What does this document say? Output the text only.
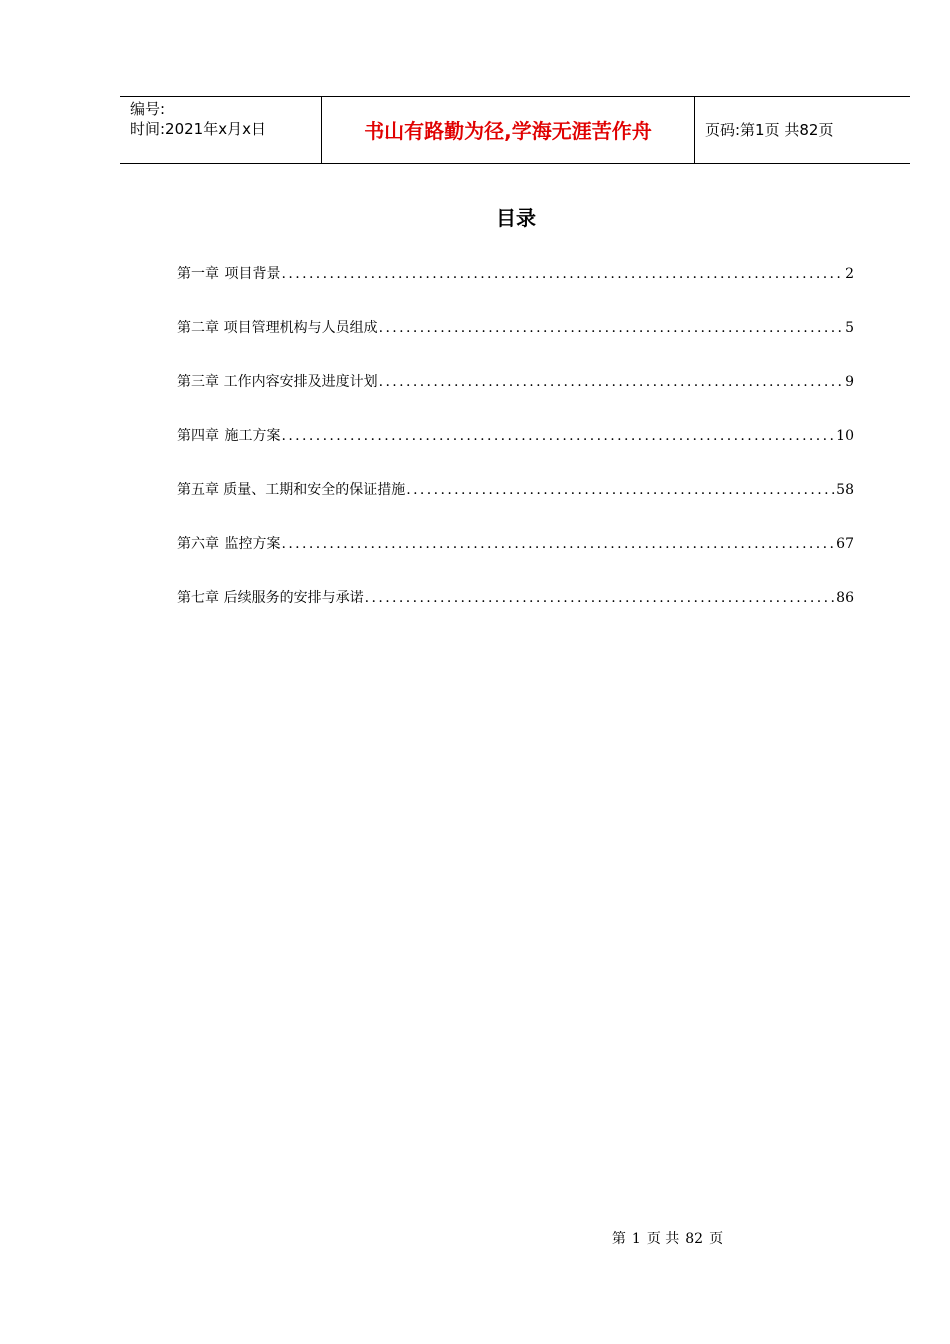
编号:
时间:2021年x月x日	书山有路勤为径,学海无涯苦作舟	页码:第1页 共82页
目录
第一章 项目背景 .....	2
第二章 项目管理机构与人员组成 .....	5
第三章 工作内容安排及进度计划 .....	9
第四章 施工方案 .....	10
第五章 质量、工期和安全的保证措施 .....	58
第六章 监控方案 .....	67
第七章 后续服务的安排与承诺 .....	86
第 1 页 共 82 页
